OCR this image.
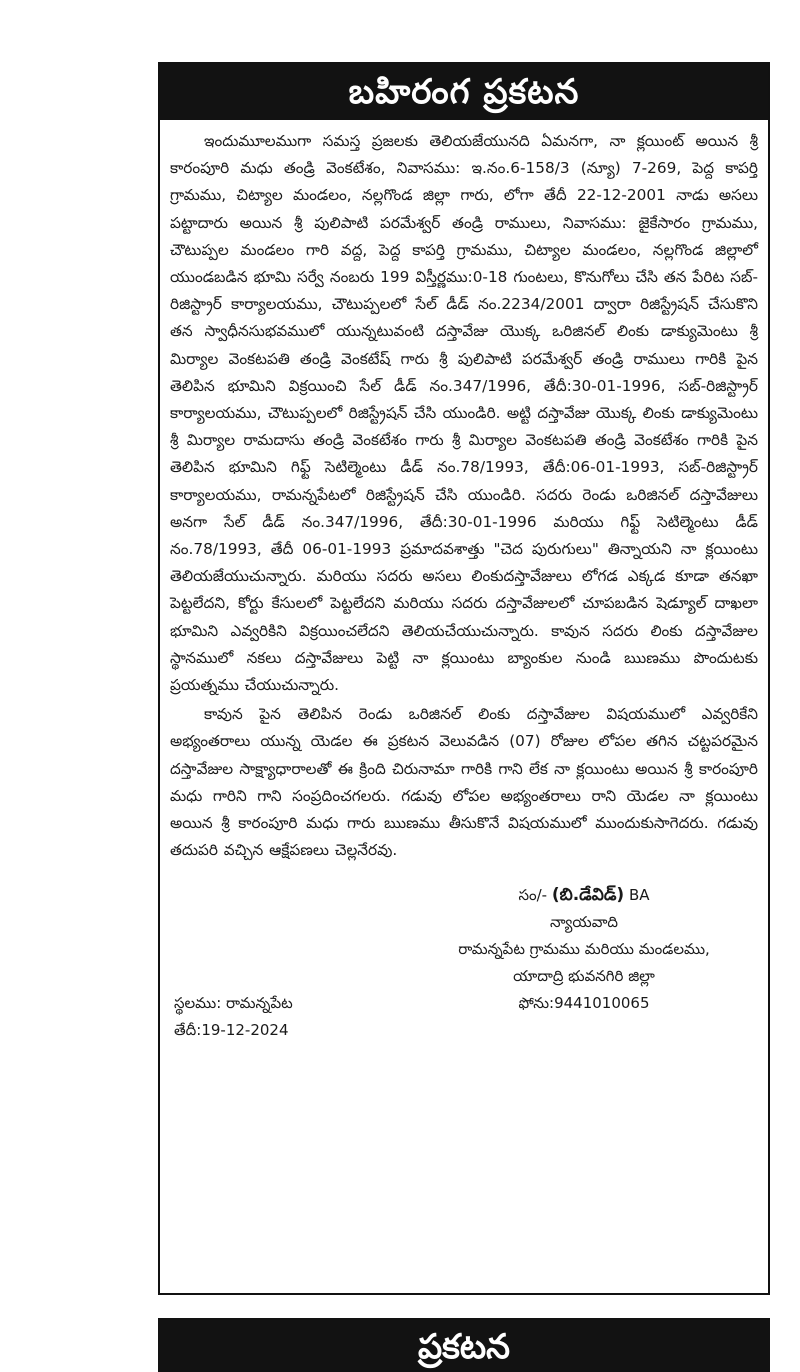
బహిరంగ ప్రకటన

ఇందుమూలముగా సమస్త ప్రజలకు తెలియజేయునది ఏమనగా, నా క్లయింట్ అయిన శ్రీ కారంపూరి మధు తండ్రి వెంకటేశం, నివాసము: ఇ.నం.6-158/3 (న్యూ) 7-269, పెద్ద కాపర్తి గ్రామము, చిట్యాల మండలం, నల్లగొండ జిల్లా గారు, లోగా తేదీ 22-12-2001 నాడు అసలు పట్టాదారు అయిన శ్రీ పులిపాటి పరమేశ్వర్ తండ్రి రాములు, నివాసము: జైకేసారం గ్రామము, చౌటుప్పల మండలం గారి వద్ద, పెద్ద కాపర్తి గ్రామము, చిట్యాల మండలం, నల్లగొండ జిల్లాలో యుండబడిన భూమి సర్వే నంబరు 199 విస్తీర్ణము:0-18 గుంటలు, కొనుగోలు చేసి తన పేరిట సబ్-రిజిస్ట్రార్ కార్యాలయము, చౌటుప్పలలో సేల్ డీడ్ నం.2234/2001 ద్వారా రిజిస్ట్రేషన్ చేసుకొని తన స్వాధీనసుభవములో యున్నటువంటి దస్తావేజు యొక్క ఒరిజినల్ లింకు డాక్యుమెంటు శ్రీ మిర్యాల వెంకటపతి తండ్రి వెంకటేష్ గారు శ్రీ పులిపాటి పరమేశ్వర్ తండ్రి రాములు గారికి పైన తెలిపిన భూమిని విక్రయించి సేల్ డీడ్ నం.347/1996, తేదీ:30-01-1996, సబ్-రిజిస్ట్రార్ కార్యాలయము, చౌటుప్పలలో రిజిస్ట్రేషన్ చేసి యుండిరి. అట్టి దస్తావేజు యొక్క లింకు డాక్యుమెంటు శ్రీ మిర్యాల రామదాసు తండ్రి వెంకటేశం గారు శ్రీ మిర్యాల వెంకటపతి తండ్రి వెంకటేశం గారికి పైన తెలిపిన భూమిని గిఫ్ట్ సెటిల్మెంటు డీడ్ నం.78/1993, తేదీ:06-01-1993, సబ్-రిజిస్ట్రార్ కార్యాలయము, రామన్నపేటలో రిజిస్ట్రేషన్ చేసి యుండిరి. సదరు రెండు ఒరిజినల్ దస్తావేజులు అనగా సేల్ డీడ్ నం.347/1996, తేదీ:30-01-1996 మరియు గిఫ్ట్ సెటిల్మెంటు డీడ్ నం.78/1993, తేదీ 06-01-1993 ప్రమాదవశాత్తు "చెద పురుగులు" తిన్నాయని నా క్లయింటు తెలియజేయుచున్నారు. మరియు సదరు అసలు లింకుదస్తావేజులు లోగడ ఎక్కడ కూడా తనఖా పెట్టలేదని, కోర్టు కేసులలో పెట్టలేదని మరియు సదరు దస్తావేజులలో చూపబడిన షెడ్యూల్ దాఖలా భూమిని ఎవ్వరికిని విక్రయించలేదని తెలియచేయుచున్నారు. కావున సదరు లింకు దస్తావేజుల స్థానములో నకలు దస్తావేజులు పెట్టి నా క్లయింటు బ్యాంకుల నుండి ఋణము పొందుటకు ప్రయత్నము చేయుచున్నారు.

కావున పైన తెలిపిన రెండు ఒరిజినల్ లింకు దస్తావేజుల విషయములో ఎవ్వరికేని అభ్యంతరాలు యున్న యెడల ఈ ప్రకటన వెలువడిన (07) రోజుల లోపల తగిన చట్టపరమైన దస్తావేజుల సాక్ష్యాధారాలతో ఈ క్రింది చిరునామా గారికి గాని లేక నా క్లయింటు అయిన శ్రీ కారంపూరి మధు గారిని గాని సంప్రదించగలరు. గడువు లోపల అభ్యంతరాలు రాని యెడల నా క్లయింటు అయిన శ్రీ కారంపూరి మధు గారు ఋణము తీసుకొనే విషయములో ముందుకుసాగెదరు. గడువు తదుపరి వచ్చిన ఆక్షేపణలు చెల్లనేరవు.

సం/- (బి.డేవిడ్) BA
న్యాయవాది
రామన్నపేట గ్రామము మరియు మండలము,
యాదాద్రి భువనగిరి జిల్లా
ఫోను:9441010065
స్థలము: రామన్నపేట
తేదీ:19-12-2024
ప్రకటన
